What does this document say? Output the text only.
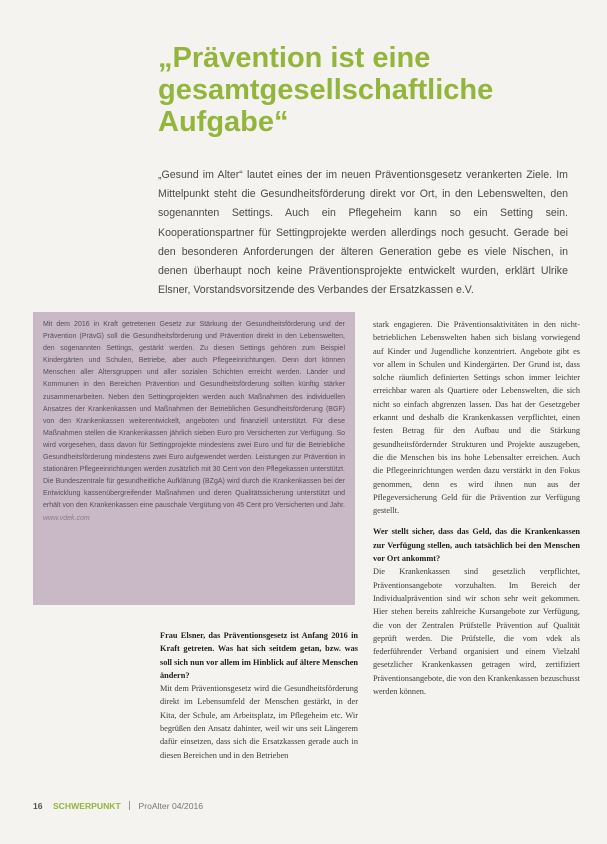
„Prävention ist eine gesamtgesellschaftliche Aufgabe“

„Gesund im Alter“ lautet eines der im neuen Präventionsgesetz verankerten Ziele. Im Mittelpunkt steht die Gesundheitsförderung direkt vor Ort, in den Lebenswelten, den sogenannten Settings. Auch ein Pflegeheim kann so ein Setting sein. Kooperationspartner für Settingprojekte werden allerdings noch gesucht. Gerade bei den besonderen Anforderungen der älteren Generation gebe es viele Nischen, in denen überhaupt noch keine Präventionsprojekte entwickelt wurden, erklärt Ulrike Elsner, Vorstandsvorsitzende des Verbandes der Ersatzkassen e.V.

Mit dem 2016 in Kraft getretenen Gesetz zur Stärkung der Gesundheitsförderung und der Prävention (PrävG) soll die Gesundheitsförderung und Prävention direkt in den Lebenswelten, den sogenannten Settings, gestärkt werden. Zu diesen Settings gehören zum Beispiel Kindergärten und Schulen, Betriebe, aber auch Pflegeeinrichtungen. Denn dort können Menschen aller Altersgruppen und aller sozialen Schichten erreicht werden. Länder und Kommunen in den Bereichen Prävention und Gesundheitsförderung sollten künftig stärker zusammenarbeiten. Neben den Settingprojekten werden auch Maßnahmen des individuellen Ansatzes der Krankenkassen und Maßnahmen der Betrieblichen Gesundheitsförderung (BGF) von den Krankenkassen weiterentwickelt, angeboten und finanziell unterstützt. Für diese Maßnahmen stellen die Krankenkassen jährlich sieben Euro pro Versicherten zur Verfügung. So wird vorgesehen, dass davon für Settingprojekte mindestens zwei Euro und für die Betriebliche Gesundheitsförderung mindestens zwei Euro aufgewendet werden. Leistungen zur Prävention in stationären Pflegeeinrichtungen werden zusätzlich mit 30 Cent von den Pflegekassen unterstützt. Die Bundeszentrale für gesundheitliche Aufklärung (BZgA) wird durch die Krankenkassen bei der Entwicklung kassenübergreifender Maßnahmen und deren Qualitätssicherung unterstützt und erhält von den Krankenkassen eine pauschale Vergütung von 45 Cent pro Versicherten und Jahr. www.vdek.com

Frau Elsner, das Präventionsgesetz ist Anfang 2016 in Kraft getreten. Was hat sich seitdem getan, bzw. was soll sich nun vor allem im Hinblick auf ältere Menschen ändern?

Mit dem Präventionsgesetz wird die Gesundheitsförderung direkt im Lebensumfeld der Menschen gestärkt, in der Kita, der Schule, am Arbeitsplatz, im Pflegeheim etc. Wir begrüßen den Ansatz dahinter, weil wir uns seit Längerem dafür einsetzen, dass sich die Ersatzkassen gerade auch in diesen Bereichen und in den Betrieben

stark engagieren. Die Präventionsaktivitäten in den nicht-betrieblichen Lebenswelten haben sich bislang vorwiegend auf Kinder und Jugendliche konzentriert. Angebote gibt es vor allem in Schulen und Kindergärten. Der Grund ist, dass solche räumlich definierten Settings schon immer leichter erreichbar waren als Quartiere oder Lebenswelten, die sich nicht so einfach abgrenzen lassen. Das hat der Gesetzgeber erkannt und deshalb die Krankenkassen verpflichtet, einen festen Betrag für den Aufbau und die Stärkung gesundheitsfördernder Strukturen und Projekte auszugeben, die die Menschen bis ins hohe Lebensalter erreichen. Auch die Pflegeeinrichtungen werden dazu verstärkt in den Fokus genommen, denn es wird ihnen nun aus der Pflegeversicherung Geld für die Prävention zur Verfügung gestellt.

Wer stellt sicher, dass das Geld, das die Krankenkassen zur Verfügung stellen, auch tatsächlich bei den Menschen vor Ort ankommt?

Die Krankenkassen sind gesetzlich verpflichtet, Präventionsangebote vorzuhalten. Im Bereich der Individualprävention sind wir schon sehr weit gekommen. Hier stehen bereits zahlreiche Kursangebote zur Verfügung, die von der Zentralen Prüfstelle Prävention auf Qualität geprüft werden. Die Prüfstelle, die vom vdek als federführender Verband organisiert und einem Vielzahl gesetzlicher Krankenkassen getragen wird, zertifiziert Präventionsangebote, die von den Krankenkassen bezuschusst werden können.

16 SCHWERPUNKT ProAlter 04/2016
